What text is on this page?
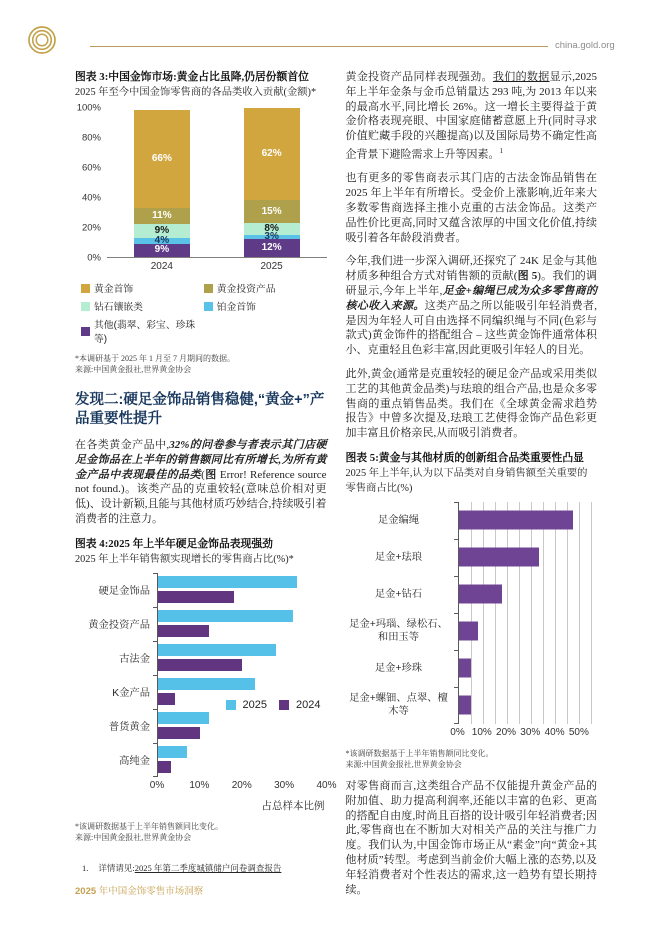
china.gold.org
图表 3:中国金饰市场:黄金占比虽降,仍居份额首位
2025 年至今中国金饰零售商的各品类收入贡献(金额)*
100%
80%
60%
40%
20%
0%
9%
4%
9%
11%
66%
12%
3%
8%
15%
62%
2024	2025
黄金首饰	黄金投资产品
钻石镶嵌类	铂金首饰
其他(翡翠、彩宝、珍珠等)
*本调研基于 2025 年 1 月至 7 月期间的数据。
来源:中国黄金报社,世界黄金协会
发现二:硬足金饰品销售稳健,“黄金+”产品重要性提升
在各类黄金产品中,32%的问卷参与者表示其门店硬足金饰品在上半年的销售额同比有所增长,为所有黄金产品中表现最佳的品类(图 Error! Reference source not found.)。该类产品的克重较轻(意味总价相对更低)、设计新颖,且能与其他材质巧妙结合,持续吸引着消费者的注意力。
图表 4:2025 年上半年硬足金饰品表现强劲
2025 年上半年销售额实现增长的零售商占比(%)*
硬足金饰品
黄金投资产品
古法金
K金产品
普货黄金
高纯金
2025	2024
0%	10% 20% 30% 40%
占总样本比例
*该调研数据基于上半年销售额同比变化。
来源:中国黄金报社,世界黄金协会
黄金投资产品同样表现强劲。我们的数据显示,2025 年上半年金条与金币总销量达 293 吨,为 2013 年以来的最高水平,同比增长 26%。这一增长主要得益于黄金价格表现亮眼、中国家庭储蓄意愿上升(同时寻求价值贮藏手段的兴趣提高)以及国际局势不确定性高企背景下避险需求上升等因素。$^1$
也有更多的零售商表示其门店的古法金饰品销售在 2025 年上半年有所增长。受金价上涨影响,近年来大多数零售商选择主推小克重的古法金饰品。这类产品性价比更高,同时又蕴含浓厚的中国文化价值,持续吸引着各年龄段消费者。
今年,我们进一步深入调研,还探究了 24K 足金与其他材质多种组合方式对销售额的贡献(图 5)。我们的调研显示,今年上半年,足金+编绳已成为众多零售商的核心收入来源。这类产品之所以能吸引年轻消费者,是因为年轻人可自由选择不同编织绳与不同(色彩与款式)黄金饰件的搭配组合 – 这些黄金饰件通常体积小、克重轻且色彩丰富,因此更吸引年轻人的目光。
此外,黄金(通常是克重较轻的硬足金产品或采用类似工艺的其他黄金品类)与珐琅的组合产品,也是众多零售商的重点销售品类。我们在《全球黄金需求趋势报告》中曾多次提及,珐琅工艺使得金饰产品色彩更加丰富且价格亲民,从而吸引消费者。
图表 5:黄金与其他材质的创新组合品类重要性凸显
2025 年上半年,认为以下品类对自身销售额至关重要的零售商占比(%)
足金编绳
足金+珐琅
足金+钻石
足金+玛瑙、绿松石、和田玉等
足金+珍珠
足金+螺钿、点翠、檀木等
0% 10% 20% 30% 40% 50%
*该调研数据基于上半年销售额同比变化。
来源:中国黄金报社,世界黄金协会
对零售商而言,这类组合产品不仅能提升黄金产品的附加值、助力提高利润率,还能以丰富的色彩、更高的搭配自由度,时尚且百搭的设计吸引年轻消费者;因此,零售商也在不断加大对相关产品的关注与推广力度。我们认为,中国金饰市场正从“素金”向“黄金+其他材质”转型。考虑到当前金价大幅上涨的态势,以及年轻消费者对个性表达的需求,这一趋势有望长期持续。
1. 详情请见:2025 年第二季度城镇储户问卷调查报告
2025 年中国金饰零售市场洞察
